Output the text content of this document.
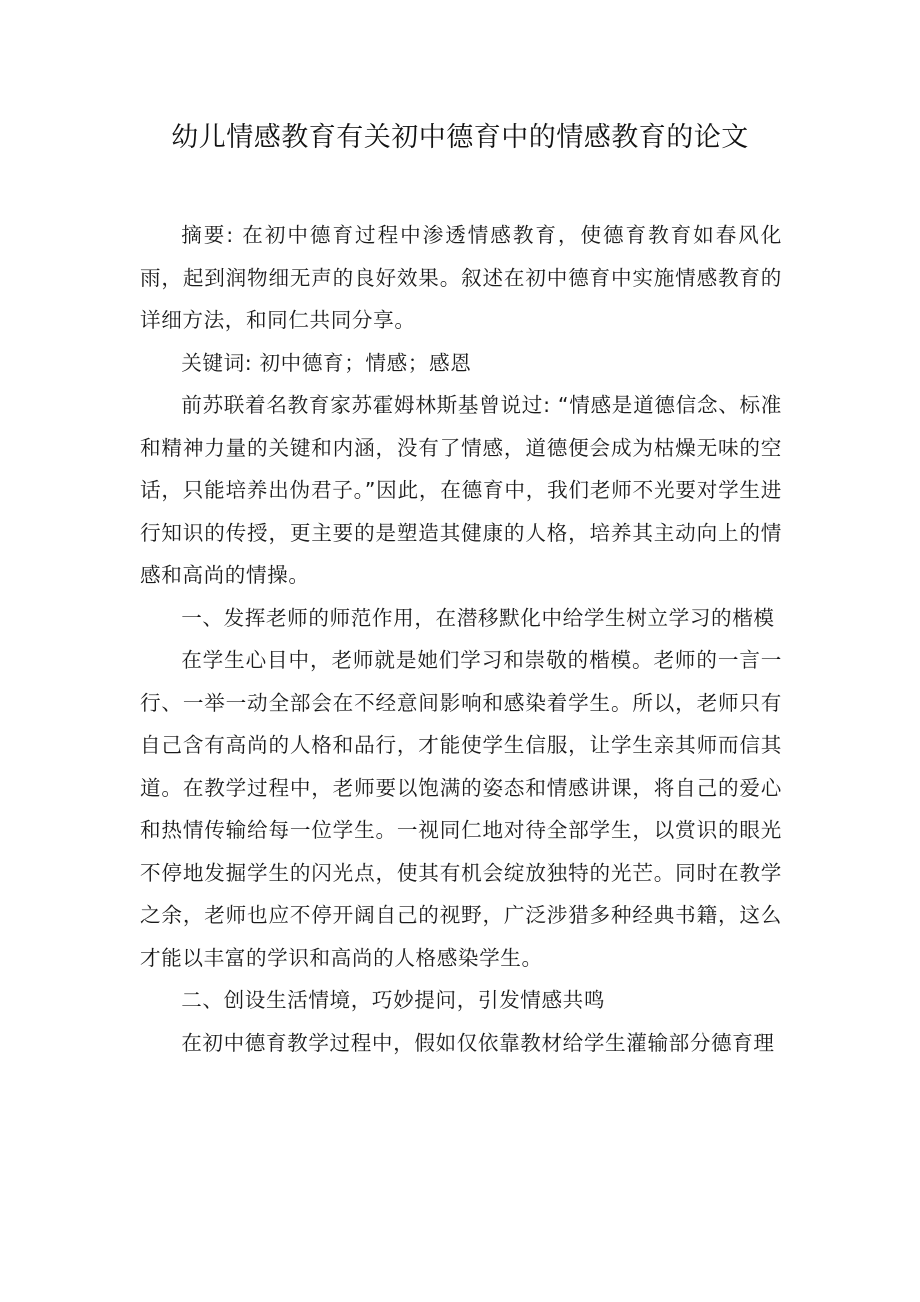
幼儿情感教育有关初中德育中的情感教育的论文

摘要: 在初中德育过程中渗透情感教育，使德育教育如春风化雨，起到润物细无声的良好效果。叙述在初中德育中实施情感教育的详细方法，和同仁共同分享。

关键词: 初中德育；情感；感恩

前苏联着名教育家苏霍姆林斯基曾说过: “情感是道德信念、标准和精神力量的关键和内涵，没有了情感，道德便会成为枯燥无味的空话，只能培养出伪君子。”因此，在德育中，我们老师不光要对学生进行知识的传授，更主要的是塑造其健康的人格，培养其主动向上的情感和高尚的情操。

一、发挥老师的师范作用，在潜移默化中给学生树立学习的楷模

在学生心目中，老师就是她们学习和崇敬的楷模。老师的一言一行、一举一动全部会在不经意间影响和感染着学生。所以，老师只有自己含有高尚的人格和品行，才能使学生信服，让学生亲其师而信其道。在教学过程中，老师要以饱满的姿态和情感讲课，将自己的爱心和热情传输给每一位学生。一视同仁地对待全部学生，以赏识的眼光不停地发掘学生的闪光点，使其有机会绽放独特的光芒。同时在教学之余，老师也应不停开阔自己的视野，广泛涉猎多种经典书籍，这么才能以丰富的学识和高尚的人格感染学生。

二、创设生活情境，巧妙提问，引发情感共鸣

在初中德育教学过程中，假如仅依靠教材给学生灌输部分德育理
